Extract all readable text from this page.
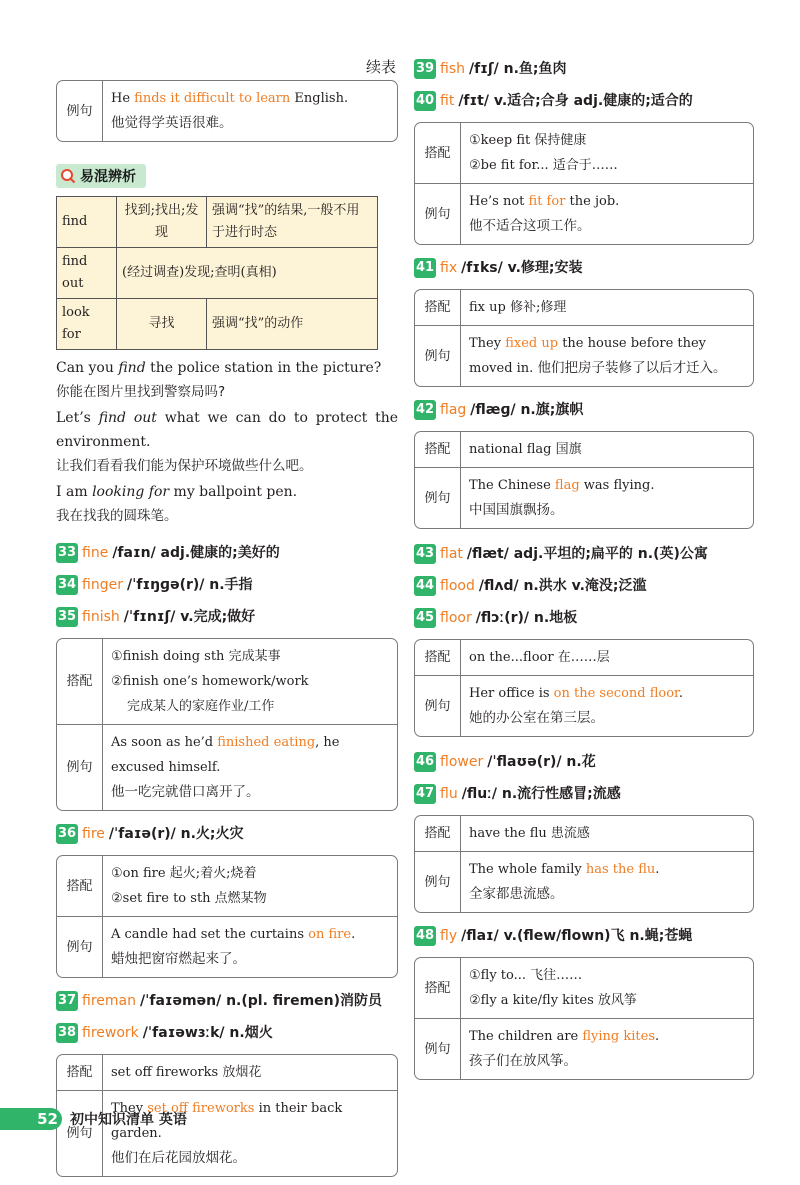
续表
例句	He finds it difficult to learn English.
他觉得学英语很难。
易混辨析
find	找到;找出;发现	强调“找”的结果,一般不用于进行时态
find out	(经过调查)发现;查明(真相)	
look for	寻找	强调“找”的动作
Can you find the police station in the picture?
你能在图片里找到警察局吗?
Let’s find out what we can do to protect the environment.
让我们看看我们能为保护环境做些什么吧。
I am looking for my ballpoint pen.
我在找我的圆珠笔。
33 fine /faɪn/ adj.健康的;美好的
34 finger /ˈfɪŋɡə(r)/ n.手指
35 finish /ˈfɪnɪʃ/ v.完成;做好
搭配	①finish doing sth 完成某事
②finish one’s homework/work
完成某人的家庭作业/工作

例句	As soon as he’d finished eating, he excused himself.
他一吃完就借口离开了。
36 fire /ˈfaɪə(r)/ n.火;火灾
搭配	①on fire 起火;着火;烧着
②set fire to sth 点燃某物

例句	A candle had set the curtains on fire.
蜡烛把窗帘燃起来了。
37 fireman /ˈfaɪəmən/ n.(pl. firemen)消防员
38 firework /ˈfaɪəwɜːk/ n.烟火
搭配	set off fireworks 放烟花
例句	They set off fireworks in their back garden.
他们在后花园放烟花。
39 fish /fɪʃ/ n.鱼;鱼肉
40 fit /fɪt/ v.适合;合身 adj.健康的;适合的
搭配	①keep fit 保持健康
②be fit for... 适合于……

例句	He’s not fit for the job.
他不适合这项工作。
41 fix /fɪks/ v.修理;安装
搭配	fix up 修补;修理
例句	They fixed up the house before they moved in. 他们把房子装修了以后才迁入。
42 flag /flæɡ/ n.旗;旗帜
搭配	national flag 国旗
例句	The Chinese flag was flying.
中国国旗飘扬。
43 flat /flæt/ adj.平坦的;扁平的 n.(英)公寓
44 flood /flʌd/ n.洪水 v.淹没;泛滥
45 floor /flɔː(r)/ n.地板
搭配	on the...floor 在……层
例句	Her office is on the second floor.
她的办公室在第三层。
46 flower /ˈflaʊə(r)/ n.花
47 flu /fluː/ n.流行性感冒;流感
搭配	have the flu 患流感
例句	The whole family has the flu.
全家都患流感。
48 fly /flaɪ/ v.(flew/flown)飞 n.蝇;苍蝇
搭配	①fly to... 飞往……
②fly a kite/fly kites 放风筝

例句	The children are flying kites.
孩子们在放风筝。
52 初中知识清单 英语
